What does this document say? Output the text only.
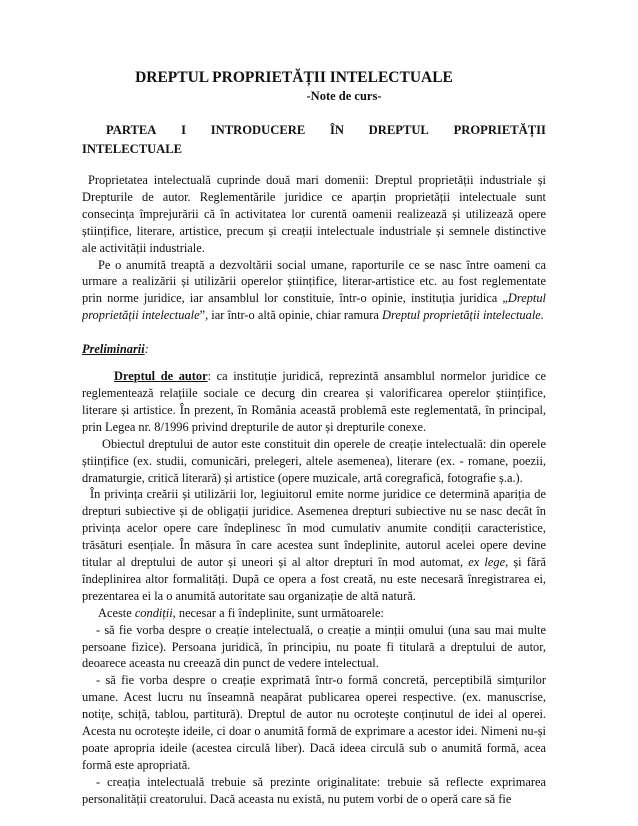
DREPTUL PROPRIETĂȚII INTELECTUALE
-Note de curs-
PARTEA I INTRODUCERE ÎN DREPTUL PROPRIETĂȚII
INTELECTUALE

Proprietatea intelectuală cuprinde două mari domenii: Dreptul proprietății industriale și Drepturile de autor. Reglementările juridice ce aparțin proprietății intelectuale sunt consecința împrejurării că în activitatea lor curentă oamenii realizează și utilizează opere științifice, literare, artistice, precum și creații intelectuale industriale și semnele distinctive ale activității industriale.

Pe o anumită treaptă a dezvoltării social umane, raporturile ce se nasc între oameni ca urmare a realizării și utilizării operelor științifice, literar-artistice etc. au fost reglementate prin norme juridice, iar ansamblul lor constituie, într-o opinie, instituția juridica „Dreptul proprietății intelectuale”, iar într-o altă opinie, chiar ramura Dreptul proprietății intelectuale.

Preliminarii:

Dreptul de autor: ca instituție juridică, reprezintă ansamblul normelor juridice ce reglementează relațiile sociale ce decurg din crearea și valorificarea operelor științifice, literare și artistice. În prezent, în România această problemă este reglementată, în principal, prin Legea nr. 8/1996 privind drepturile de autor și drepturile conexe.

Obiectul dreptului de autor este constituit din operele de creație intelectuală: din operele științifice (ex. studii, comunicări, prelegeri, altele asemenea), literare (ex. - romane, poezii, dramaturgie, critică literară) și artistice (opere muzicale, artă coregrafică, fotografie ș.a.).

În privința creării și utilizării lor, legiuitorul emite norme juridice ce determină apariția de drepturi subiective și de obligații juridice. Asemenea drepturi subiective nu se nasc decât în privința acelor opere care îndeplinesc în mod cumulativ anumite condiții caracteristice, trăsături esențiale. În măsura în care acestea sunt îndeplinite, autorul acelei opere devine titular al dreptului de autor și uneori și al altor drepturi în mod automat, ex lege, și fără îndeplinirea altor formalități. După ce opera a fost creată, nu este necesară înregistrarea ei, prezentarea ei la o anumită autoritate sau organizație de altă natură.

Aceste condiții, necesar a fi îndeplinite, sunt următoarele:

- să fie vorba despre o creație intelectuală, o creație a minții omului (una sau mai multe persoane fizice). Persoana juridică, în principiu, nu poate fi titulară a dreptului de autor, deoarece aceasta nu creează din punct de vedere intelectual.

- să fie vorba despre o creație exprimată într-o formă concretă, perceptibilă simțurilor umane. Acest lucru nu înseamnă neapărat publicarea operei respective. (ex. manuscrise, notițe, schiță, tablou, partitură). Dreptul de autor nu ocrotește conținutul de idei al operei. Acesta nu ocrotește ideile, ci doar o anumită formă de exprimare a acestor idei. Nimeni nu-și poate apropria ideile (acestea circulă liber). Dacă ideea circulă sub o anumită formă, acea formă este apropriată.

- creația intelectuală trebuie să prezinte originalitate: trebuie să reflecte exprimarea personalității creatorului. Dacă aceasta nu există, nu putem vorbi de o operă care să fie
